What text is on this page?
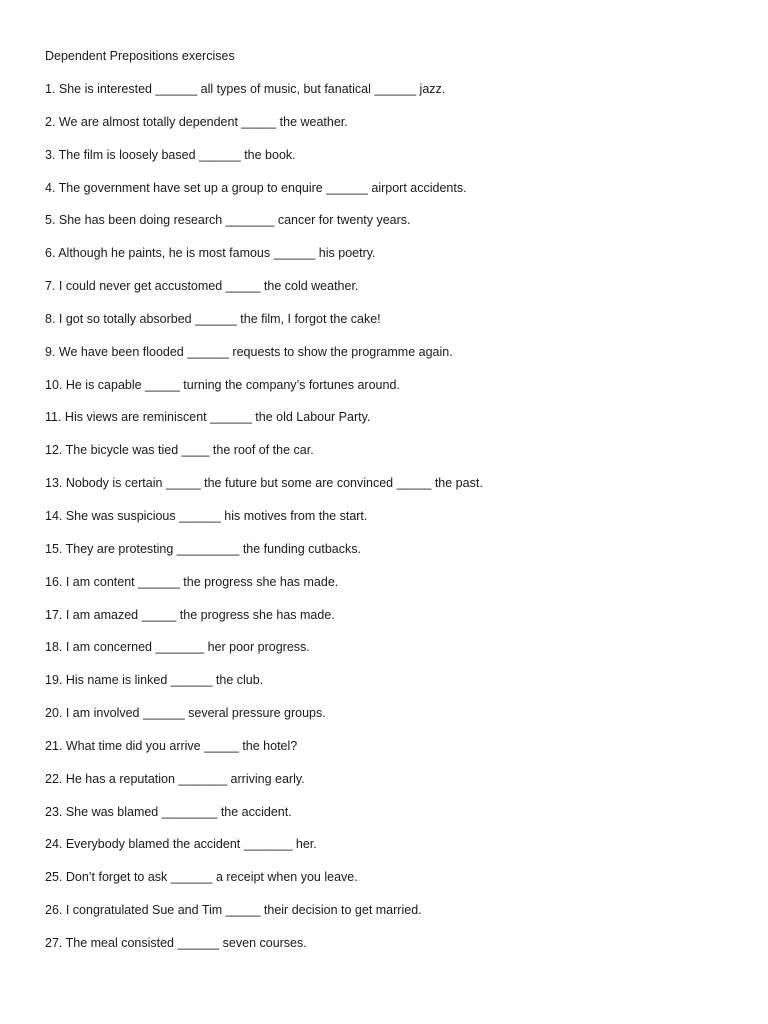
Dependent Prepositions exercises
1. She is interested ______ all types of music, but fanatical ______ jazz.
2. We are almost totally dependent _____ the weather.
3. The film is loosely based ______ the book.
4. The government have set up a group to enquire ______ airport accidents.
5. She has been doing research _______ cancer for twenty years.
6. Although he paints, he is most famous ______ his poetry.
7. I could never get accustomed _____ the cold weather.
8. I got so totally absorbed ______ the film, I forgot the cake!
9. We have been flooded ______ requests to show the programme again.
10. He is capable _____ turning the company’s fortunes around.
11. His views are reminiscent ______ the old Labour Party.
12. The bicycle was tied ____ the roof of the car.
13. Nobody is certain _____ the future but some are convinced _____ the past.
14. She was suspicious ______ his motives from the start.
15. They are protesting _________ the funding cutbacks.
16. I am content ______ the progress she has made.
17. I am amazed _____ the progress she has made.
18. I am concerned _______ her poor progress.
19. His name is linked ______ the club.
20. I am involved ______ several pressure groups.
21. What time did you arrive _____ the hotel?
22. He has a reputation _______ arriving early.
23. She was blamed ________ the accident.
24. Everybody blamed the accident _______ her.
25. Don’t forget to ask ______ a receipt when you leave.
26. I congratulated Sue and Tim _____ their decision to get married.
27. The meal consisted ______ seven courses.
